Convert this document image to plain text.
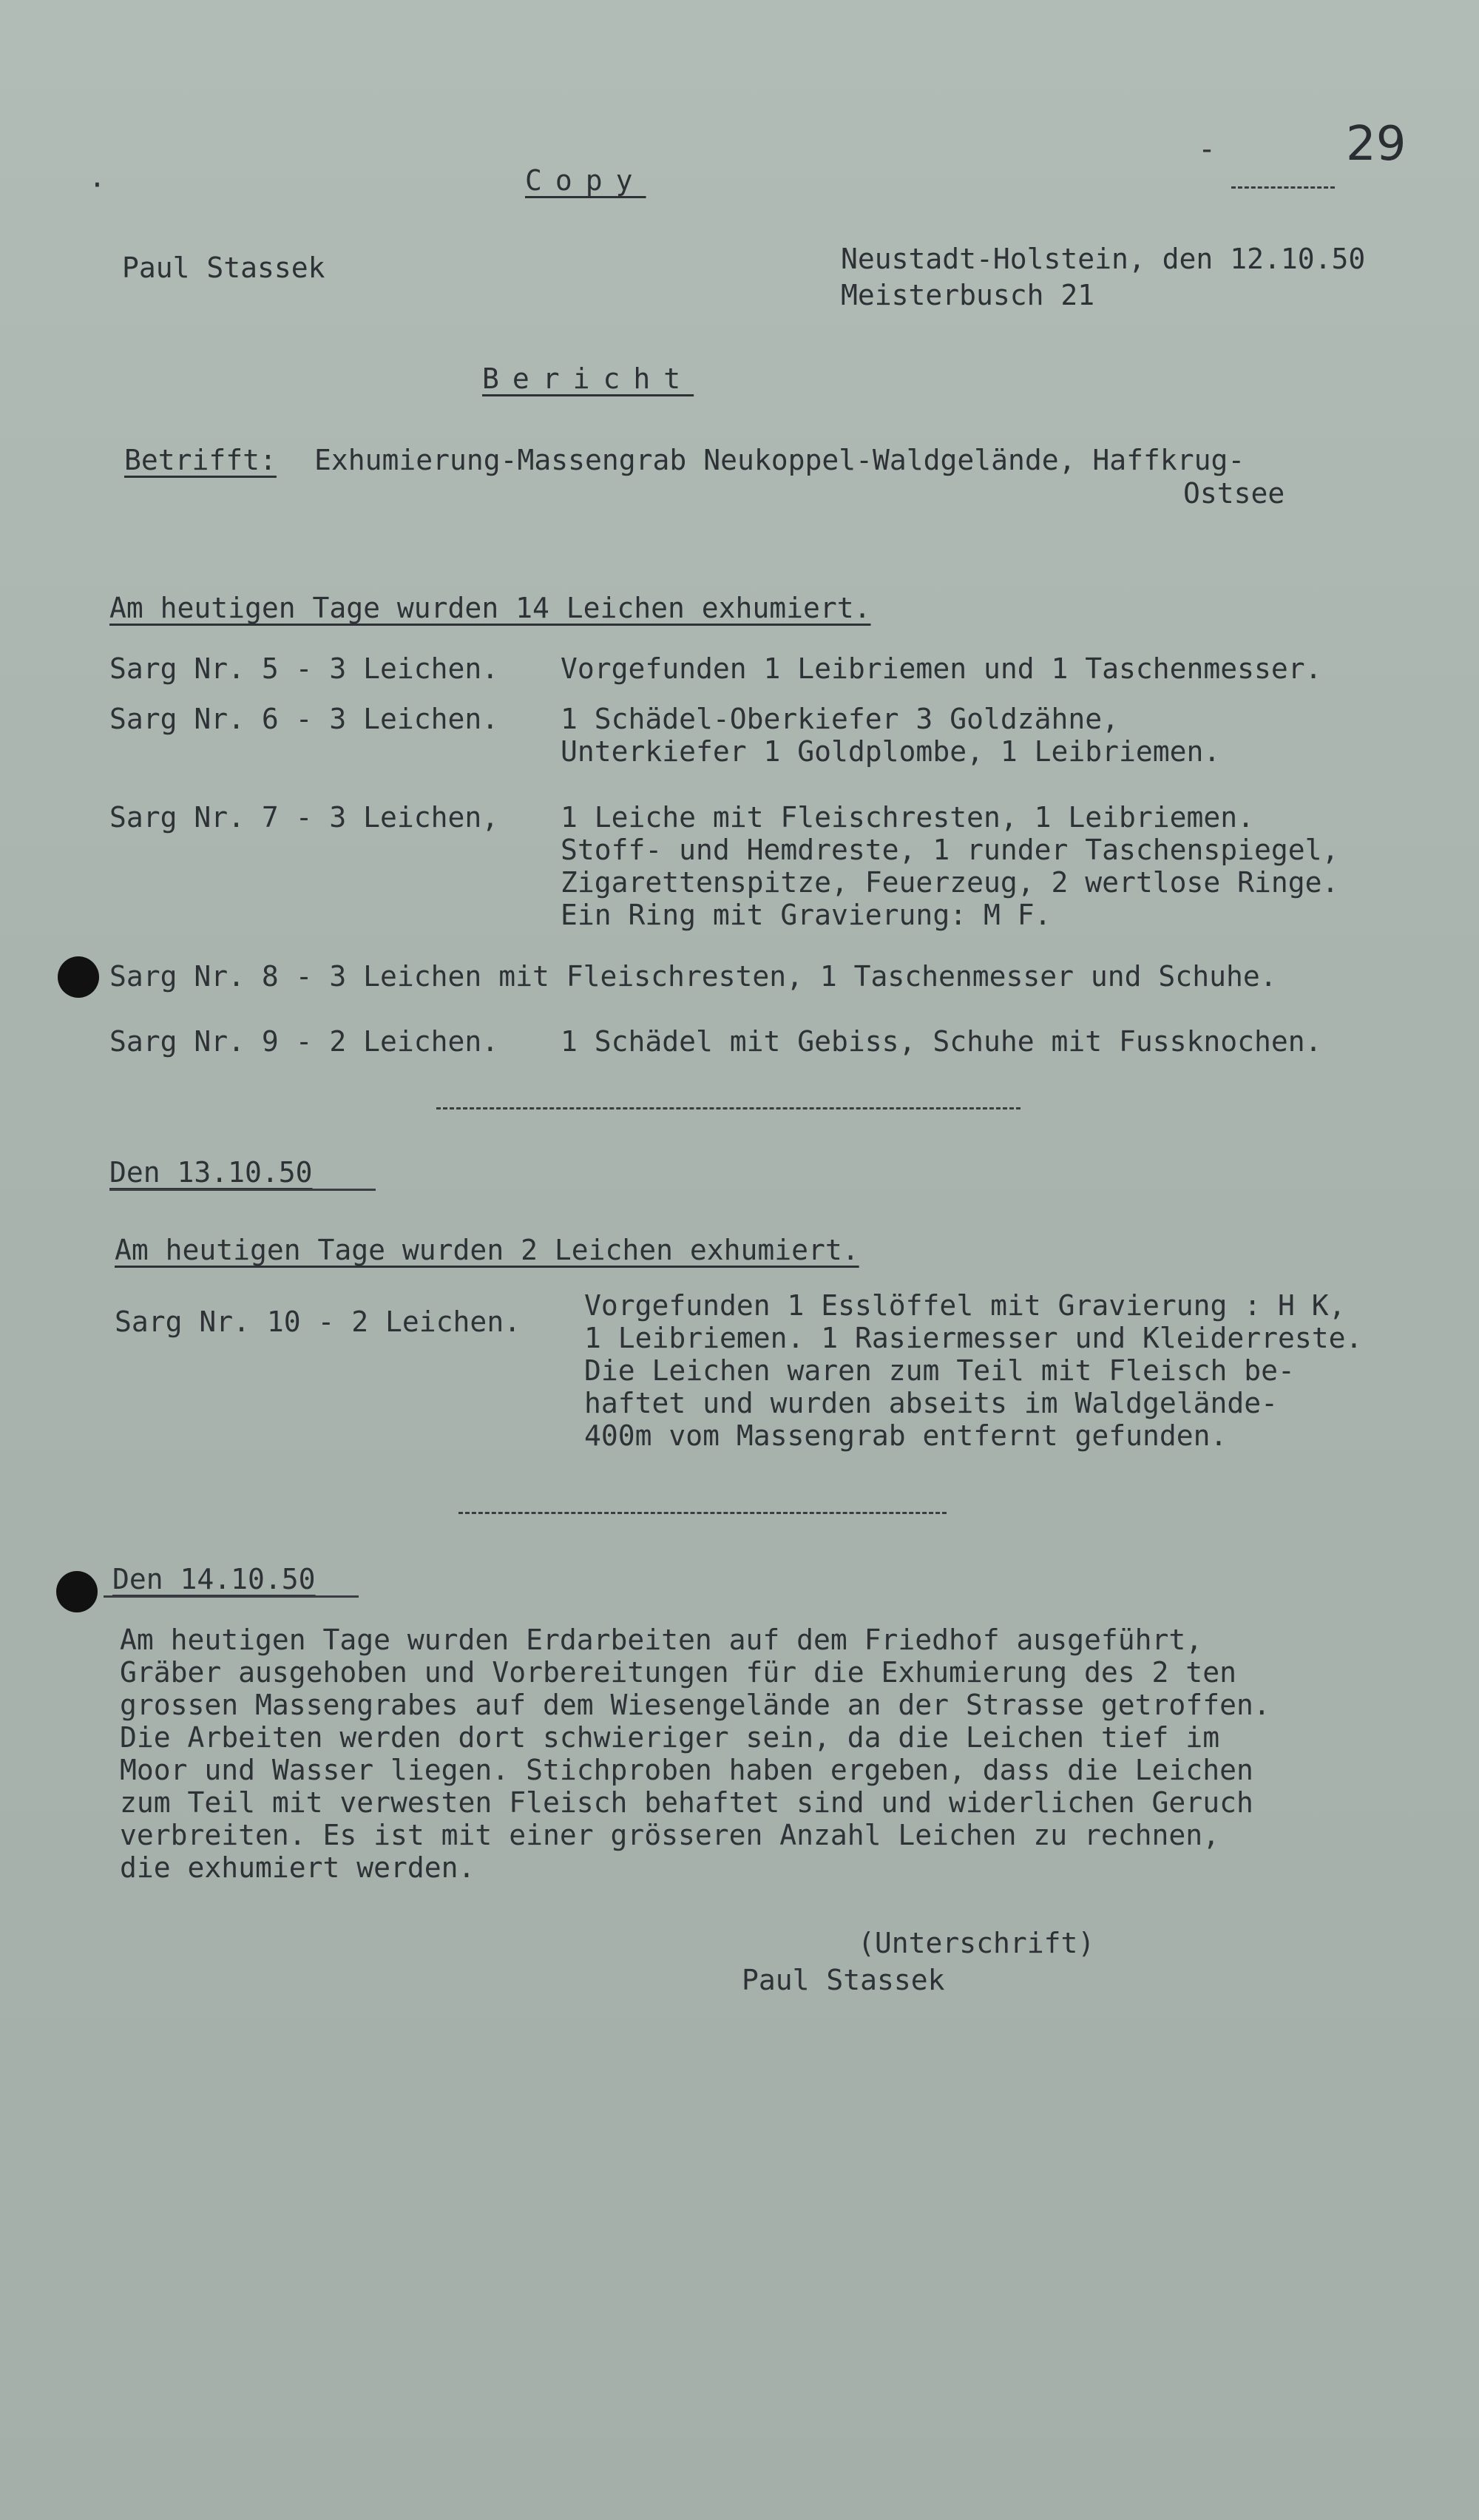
·	Copy
-	29
Paul Stassek	Neustadt-Holstein, den 12.10.50
Meisterbusch 21
Bericht
Betrifft: Exhumierung-Massengrab Neukoppel-Waldgelände, Haffkrug-
Ostsee
Am heutigen Tage wurden 14 Leichen exhumiert.
Sarg Nr. 5 - 3 Leichen. Vorgefunden 1 Leibriemen und 1 Taschenmesser.
Sarg Nr. 6 - 3 Leichen. 1 Schädel-Oberkiefer 3 Goldzähne,
Unterkiefer 1 Goldplombe, 1 Leibriemen.
Sarg Nr. 7 - 3 Leichen, 1 Leiche mit Fleischresten, 1 Leibriemen.
Stoff- und Hemdreste, 1 runder Taschenspiegel,
Zigarettenspitze, Feuerzeug, 2 wertlose Ringe.
Ein Ring mit Gravierung: M F.
Sarg Nr. 8 - 3 Leichen mit Fleischresten, 1 Taschenmesser und Schuhe.
Sarg Nr. 9 - 2 Leichen. 1 Schädel mit Gebiss, Schuhe mit Fussknochen.
Den 13.10.50
Am heutigen Tage wurden 2 Leichen exhumiert.
Sarg Nr. 10 - 2 Leichen. Vorgefunden 1 Esslöffel mit Gravierung : H K,
1 Leibriemen. 1 Rasiermesser und Kleiderreste.
Die Leichen waren zum Teil mit Fleisch be-
haftet und wurden abseits im Waldgelände-
400m vom Massengrab entfernt gefunden.
Den 14.10.50
Am heutigen Tage wurden Erdarbeiten auf dem Friedhof ausgeführt,
Gräber ausgehoben und Vorbereitungen für die Exhumierung des 2 ten
grossen Massengrabes auf dem Wiesengelände an der Strasse getroffen.
Die Arbeiten werden dort schwieriger sein, da die Leichen tief im
Moor und Wasser liegen. Stichproben haben ergeben, dass die Leichen
zum Teil mit verwesten Fleisch behaftet sind und widerlichen Geruch
verbreiten. Es ist mit einer grösseren Anzahl Leichen zu rechnen,
die exhumiert werden.
(Unterschrift)
Paul Stassek
